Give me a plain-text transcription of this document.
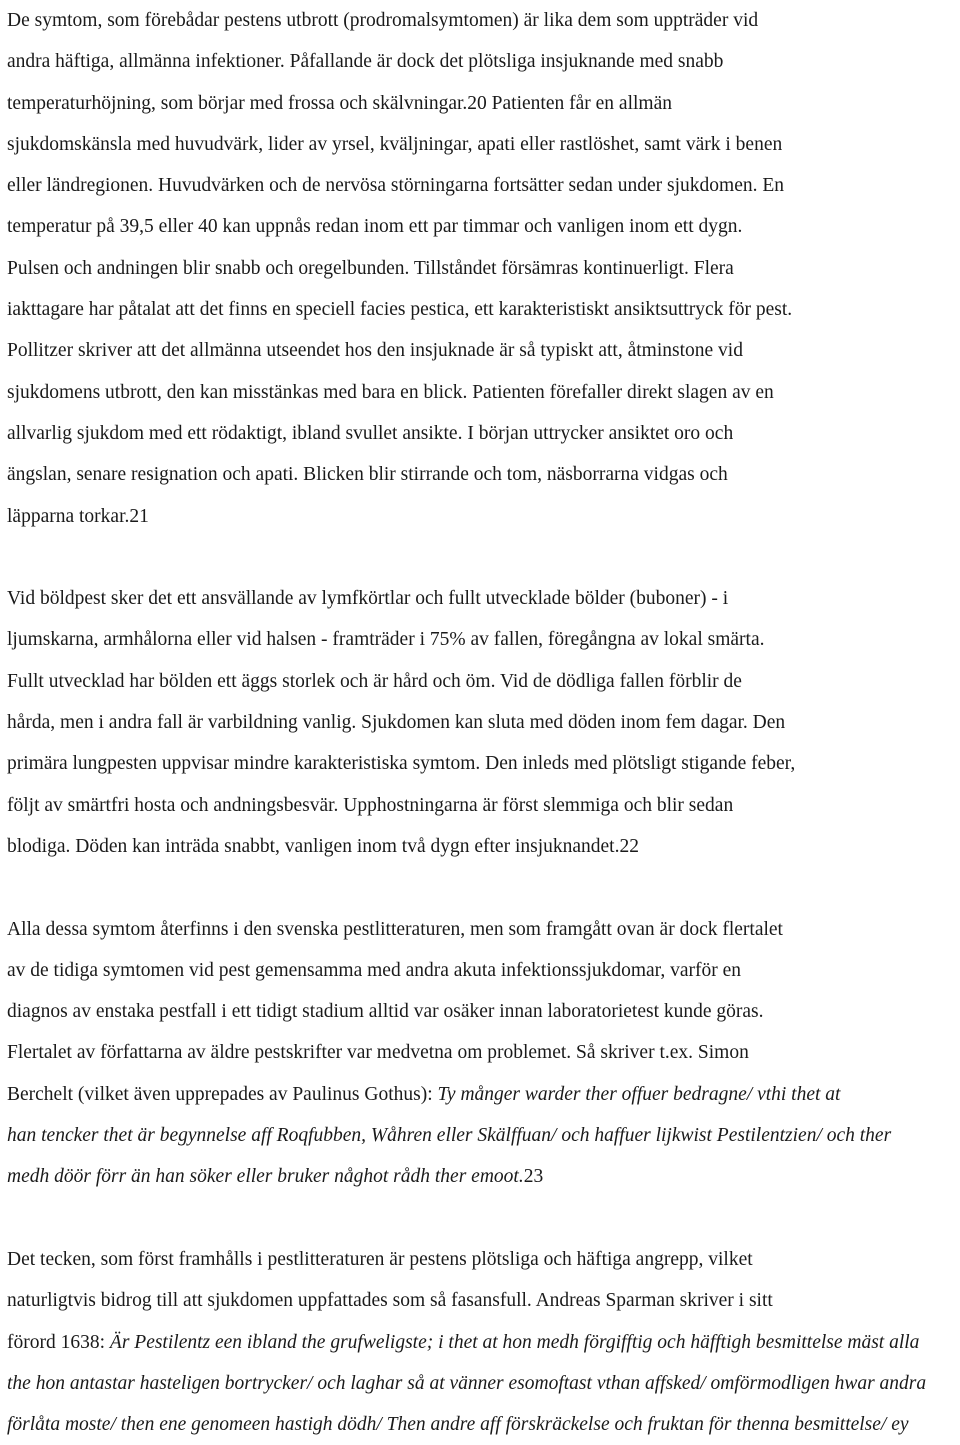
De symtom, som förebådar pestens utbrott (prodromalsymtomen) är lika dem som uppträder vid
andra häftiga, allmänna infektioner. Påfallande är dock det plötsliga insjuknande med snabb
temperaturhöjning, som börjar med frossa och skälvningar.20 Patienten får en allmän
sjukdomskänsla med huvudvärk, lider av yrsel, kväljningar, apati eller rastlöshet, samt värk i benen
eller ländregionen. Huvudvärken och de nervösa störningarna fortsätter sedan under sjukdomen. En
temperatur på 39,5 eller 40 kan uppnås redan inom ett par timmar och vanligen inom ett dygn.
Pulsen och andningen blir snabb och oregelbunden. Tillståndet försämras kontinuerligt. Flera
iakttagare har påtalat att det finns en speciell facies pestica, ett karakteristiskt ansiktsuttryck för pest.
Pollitzer skriver att det allmänna utseendet hos den insjuknade är så typiskt att, åtminstone vid
sjukdomens utbrott, den kan misstänkas med bara en blick. Patienten förefaller direkt slagen av en
allvarlig sjukdom med ett rödaktigt, ibland svullet ansikte. I början uttrycker ansiktet oro och
ängslan, senare resignation och apati. Blicken blir stirrande och tom, näsborrarna vidgas och
läpparna torkar.21
Vid böldpest sker det ett ansvällande av lymfkörtlar och fullt utvecklade bölder (buboner) - i
ljumskarna, armhålorna eller vid halsen - framträder i 75% av fallen, föregångna av lokal smärta.
Fullt utvecklad har bölden ett äggs storlek och är hård och öm. Vid de dödliga fallen förblir de
hårda, men i andra fall är varbildning vanlig. Sjukdomen kan sluta med döden inom fem dagar. Den
primära lungpesten uppvisar mindre karakteristiska symtom. Den inleds med plötsligt stigande feber,
följt av smärtfri hosta och andningsbesvär. Upphostningarna är först slemmiga och blir sedan
blodiga. Döden kan inträda snabbt, vanligen inom två dygn efter insjuknandet.22
Alla dessa symtom återfinns i den svenska pestlitteraturen, men som framgått ovan är dock flertalet
av de tidiga symtomen vid pest gemensamma med andra akuta infektionssjukdomar, varför en
diagnos av enstaka pestfall i ett tidigt stadium alltid var osäker innan laboratorietest kunde göras.
Flertalet av författarna av äldre pestskrifter var medvetna om problemet. Så skriver t.ex. Simon
Berchelt (vilket även upprepades av Paulinus Gothus): Ty månger warder ther offuer bedragne/ vthi thet at
han tencker thet är begynnelse aff Roqfubben, Wåhren eller Skälffuan/ och haffuer lijkwist Pestilentzien/ och ther
medh döör förr än han söker eller bruker någhot rådh ther emoot.23
Det tecken, som först framhålls i pestlitteraturen är pestens plötsliga och häftiga angrepp, vilket
naturligtvis bidrog till att sjukdomen uppfattades som så fasansfull. Andreas Sparman skriver i sitt
förord 1638: Är Pestilentz een ibland the grufweligste; i thet at hon medh förgifftig och häfftigh besmittelse mäst alla
the hon antastar hasteligen bortrycker/ och laghar så at vänner esomoftast vthan affsked/ omförmodligen hwar andra
förlåta moste/ then ene genomeen hastigh dödh/ Then andre aff förskräckelse och fruktan för thenna besmittelse/ ey
